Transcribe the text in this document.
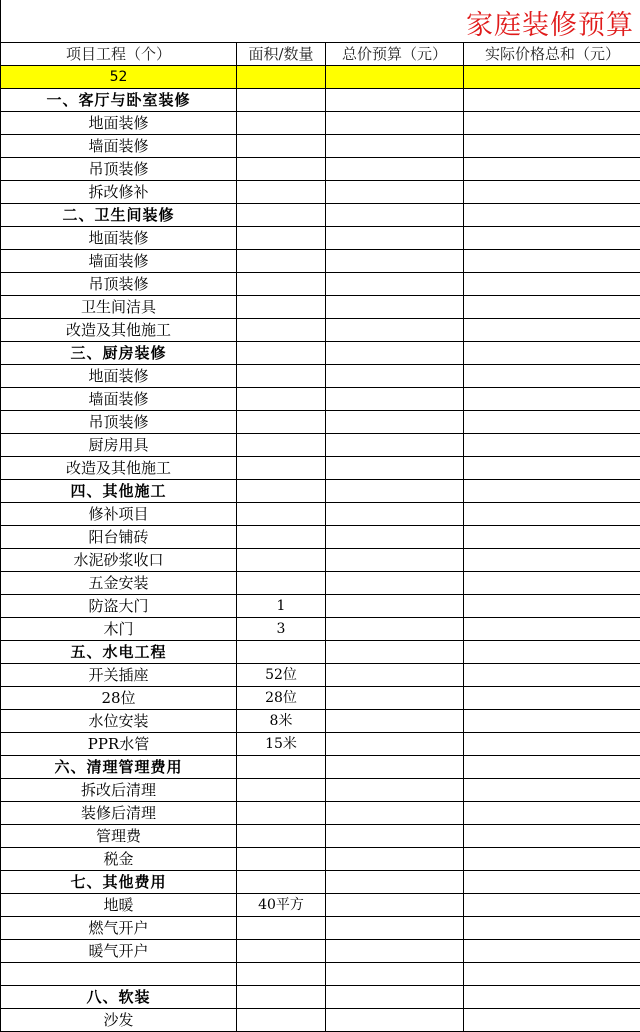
家庭装修预算
项目工程（个）	面积/数量	总价预算（元）	实际价格总和（元）
52			
一、客厅与卧室装修			
地面装修			
墙面装修			
吊顶装修			
拆改修补			
二、卫生间装修			
地面装修			
墙面装修			
吊顶装修			
卫生间洁具			
改造及其他施工			
三、厨房装修			
地面装修			
墙面装修			
吊顶装修			
厨房用具			
改造及其他施工			
四、其他施工			
修补项目			
阳台铺砖			
水泥砂浆收口			
五金安装			
防盗大门	1		
木门	3		
五、水电工程			
开关插座	52位		
28位	28位		
水位安装	8米		
PPR水管	15米		
六、清理管理费用			
拆改后清理			
装修后清理			
管理费			
税金			
七、其他费用			
地暖	40平方		
燃气开户			
暖气开户			

八、软装			
沙发			
